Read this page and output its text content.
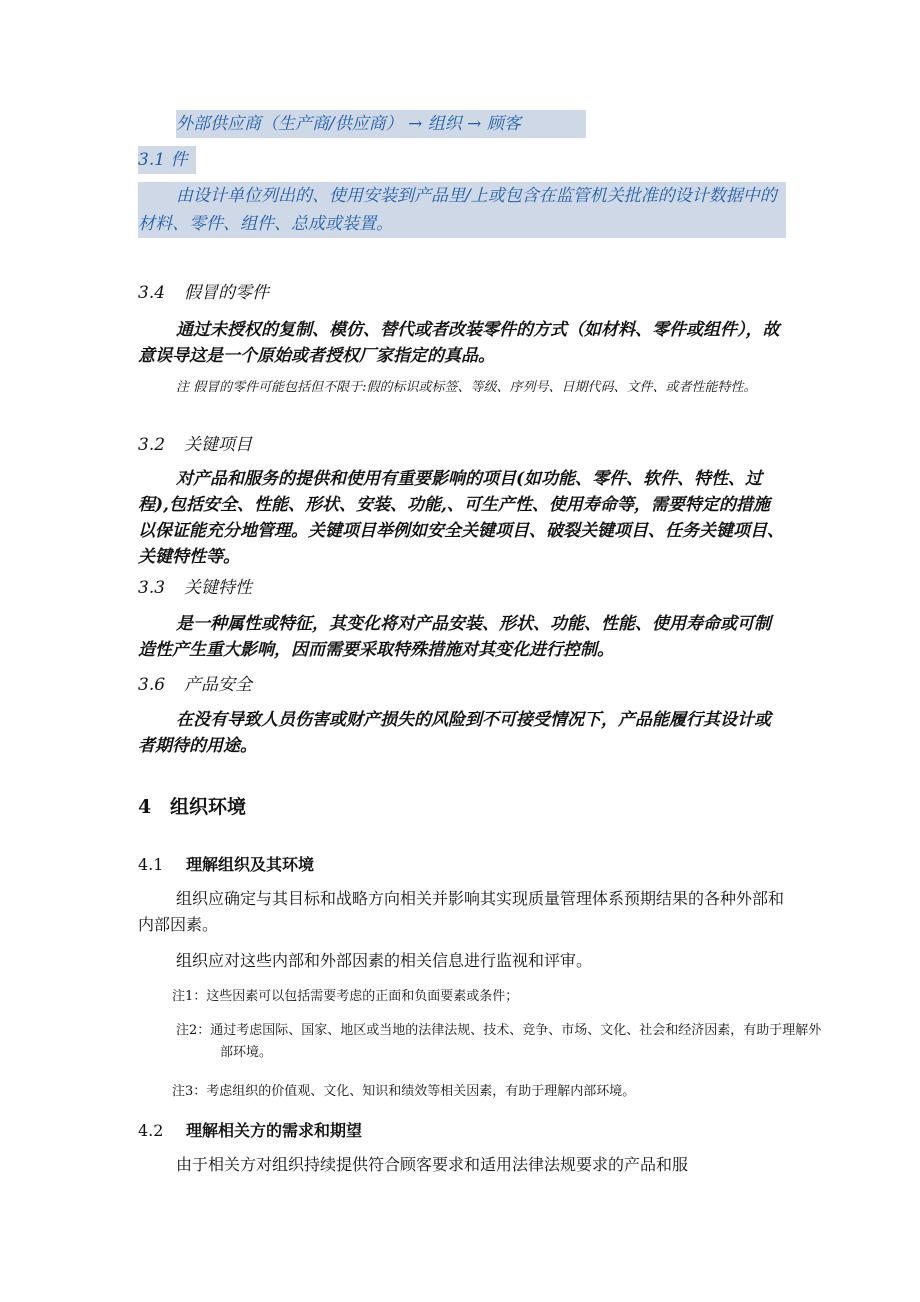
外部供应商（生产商/供应商） → 组织 → 顾客

3.1 件

由设计单位列出的、使用安装到产品里/上或包含在监管机关批准的设计数据中的材料、零件、组件、总成或装置。

3.4 假冒的零件

通过未授权的复制、模仿、替代或者改装零件的方式（如材料、零件或组件），故意误导这是一个原始或者授权厂家指定的真品。

注 假冒的零件可能包括但不限于:假的标识或标签、等级、序列号、日期代码、文件、或者性能特性。

3.2 关键项目

对产品和服务的提供和使用有重要影响的项目(如功能、零件、软件、特性、过程),包括安全、性能、形状、安装、功能,、可生产性、使用寿命等，需要特定的措施以保证能充分地管理。关键项目举例如安全关键项目、破裂关键项目、任务关键项目、关键特性等。

3.3 关键特性

是一种属性或特征，其变化将对产品安装、形状、功能、性能、使用寿命或可制造性产生重大影响，因而需要采取特殊措施对其变化进行控制。

3.6 产品安全

在没有导致人员伤害或财产损失的风险到不可接受情况下，产品能履行其设计或者期待的用途。

4 组织环境

4.1 理解组织及其环境

组织应确定与其目标和战略方向相关并影响其实现质量管理体系预期结果的各种外部和内部因素。

组织应对这些内部和外部因素的相关信息进行监视和评审。

注1：这些因素可以包括需要考虑的正面和负面要素或条件；

注2：通过考虑国际、国家、地区或当地的法律法规、技术、竞争、市场、文化、社会和经济因素，有助于理解外部环境。

注3：考虑组织的价值观、文化、知识和绩效等相关因素，有助于理解内部环境。

4.2 理解相关方的需求和期望

由于相关方对组织持续提供符合顾客要求和适用法律法规要求的产品和服
